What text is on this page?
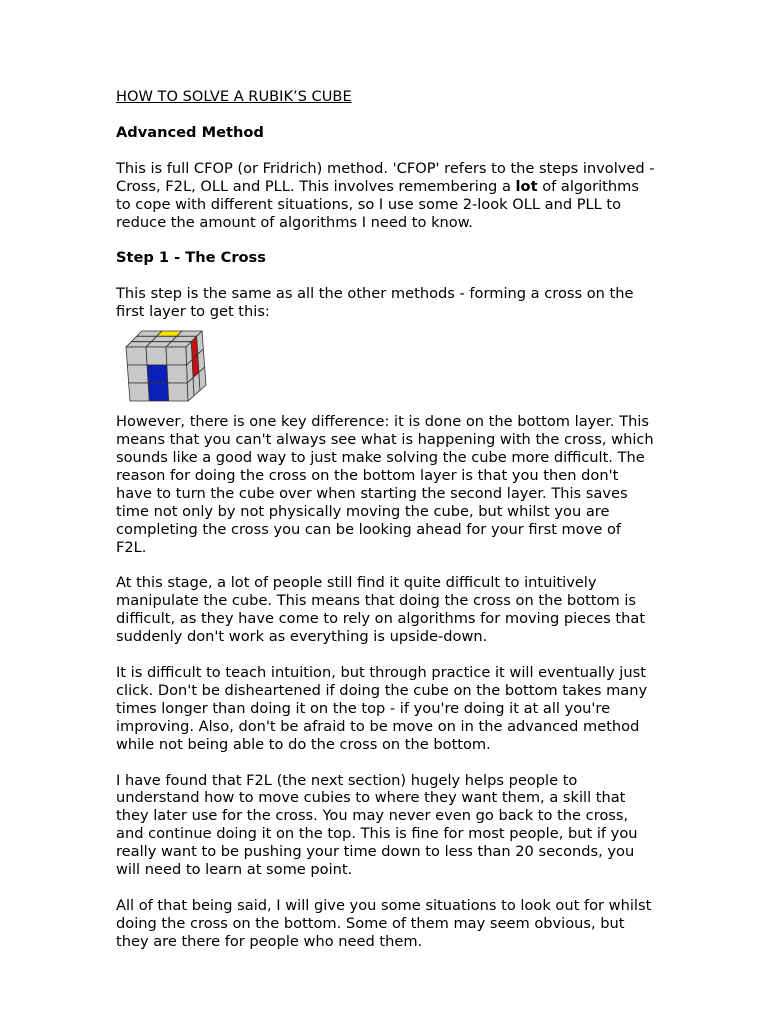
HOW TO SOLVE A RUBIK’S CUBE
Advanced Method

This is full CFOP (or Fridrich) method. 'CFOP' refers to the steps involved - Cross, F2L, OLL and PLL. This involves remembering a lot of algorithms to cope with different situations, so I use some 2-look OLL and PLL to reduce the amount of algorithms I need to know.

Step 1 - The Cross

This step is the same as all the other methods - forming a cross on the first layer to get this:

However, there is one key difference: it is done on the bottom layer. This means that you can't always see what is happening with the cross, which sounds like a good way to just make solving the cube more difficult. The reason for doing the cross on the bottom layer is that you then don't have to turn the cube over when starting the second layer. This saves time not only by not physically moving the cube, but whilst you are completing the cross you can be looking ahead for your first move of F2L.

At this stage, a lot of people still find it quite difficult to intuitively manipulate the cube. This means that doing the cross on the bottom is difficult, as they have come to rely on algorithms for moving pieces that suddenly don't work as everything is upside-down.

It is difficult to teach intuition, but through practice it will eventually just click. Don't be disheartened if doing the cube on the bottom takes many times longer than doing it on the top - if you're doing it at all you're improving. Also, don't be afraid to be move on in the advanced method while not being able to do the cross on the bottom.

I have found that F2L (the next section) hugely helps people to understand how to move cubies to where they want them, a skill that they later use for the cross. You may never even go back to the cross, and continue doing it on the top. This is fine for most people, but if you really want to be pushing your time down to less than 20 seconds, you will need to learn at some point.

All of that being said, I will give you some situations to look out for whilst doing the cross on the bottom. Some of them may seem obvious, but they are there for people who need them.
